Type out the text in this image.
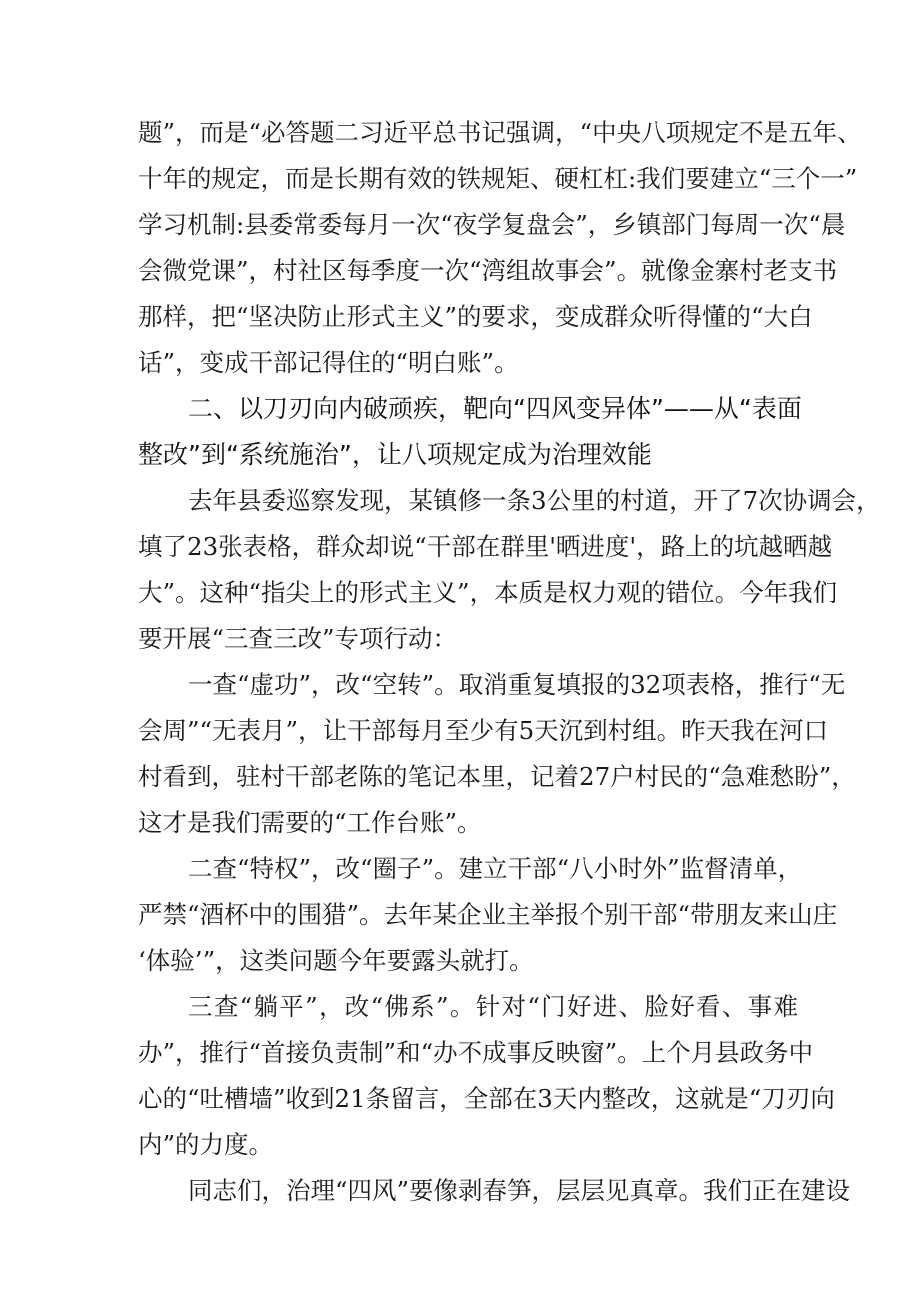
题”，而是“必答题二习近平总书记强调，“中央八项规定不是五年、
十年的规定，而是长期有效的铁规矩、硬杠杠:我们要建立“三个一”
学习机制:县委常委每月一次“夜学复盘会”，乡镇部门每周一次“晨
会微党课”，村社区每季度一次“湾组故事会”。就像金寨村老支书
那样，把“坚决防止形式主义”的要求，变成群众听得懂的“大白
话”，变成干部记得住的“明白账”。
二、以刀刃向内破顽疾，靶向“四风变异体”——从“表面
整改”到“系统施治”，让八项规定成为治理效能
去年县委巡察发现，某镇修一条3公里的村道，开了7次协调会，
填了23张表格，群众却说“干部在群里'晒进度'，路上的坑越晒越
大”。这种“指尖上的形式主义”，本质是权力观的错位。今年我们
要开展“三查三改”专项行动：
一查“虚功”，改“空转”。取消重复填报的32项表格，推行“无
会周”“无表月”，让干部每月至少有5天沉到村组。昨天我在河口
村看到，驻村干部老陈的笔记本里，记着27户村民的“急难愁盼”，
这才是我们需要的“工作台账”。
二查“特权”，改“圈子”。建立干部“八小时外”监督清单，
严禁“酒杯中的围猎”。去年某企业主举报个别干部“带朋友来山庄
‘体验’”，这类问题今年要露头就打。
三查“躺平”，改“佛系”。针对“门好进、脸好看、事难
办”，推行“首接负责制”和“办不成事反映窗”。上个月县政务中
心的“吐槽墙”收到21条留言，全部在3天内整改，这就是“刀刃向
内”的力度。
同志们，治理“四风”要像剥春笋，层层见真章。我们正在建设
